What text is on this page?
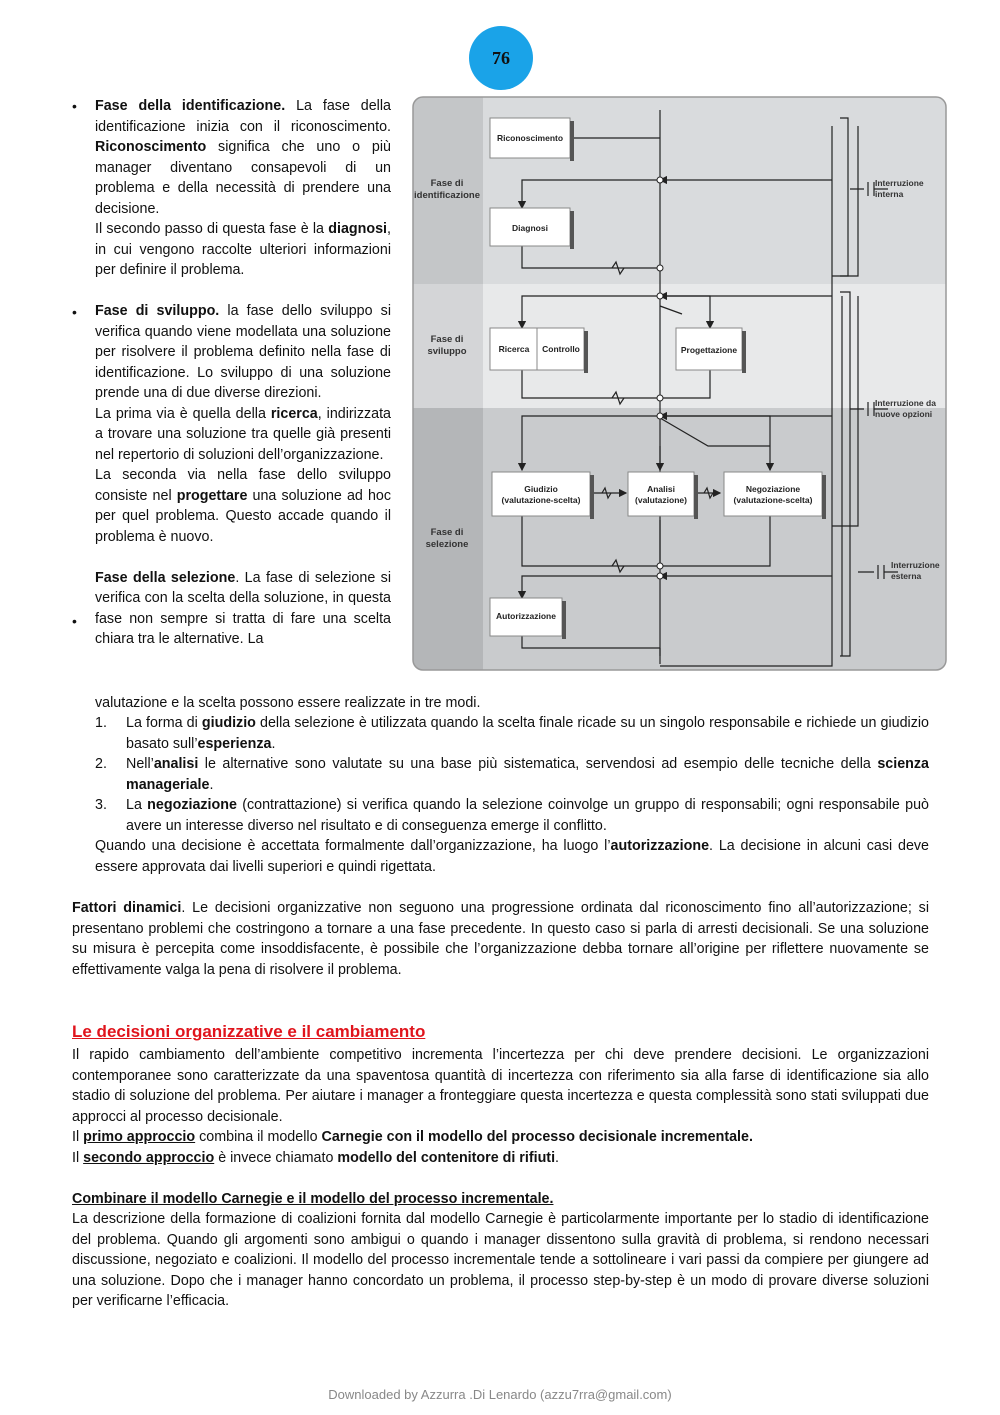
76
•
•
•

Fase della identificazione. La fase della identificazione inizia con il riconoscimento. Riconoscimento significa che uno o più manager diventano consapevoli di un problema e della necessità di prendere una decisione.

Il secondo passo di questa fase è la diagnosi, in cui vengono raccolte ulteriori informazioni per definire il problema.

Fase di sviluppo. la fase dello sviluppo si verifica quando viene modellata una soluzione per risolvere il problema definito nella fase di identificazione. Lo sviluppo di una soluzione prende una di due diverse direzioni.

La prima via è quella della ricerca, indirizzata a trovare una soluzione tra quelle già presenti nel repertorio di soluzioni dell’organizzazione.

La seconda via nella fase dello sviluppo consiste nel progettare una soluzione ad hoc per quel problema. Questo accade quando il problema è nuovo.

Fase della selezione. La fase di selezione si verifica con la scelta della soluzione, in questa fase non sempre si tratta di fare una scelta chiara tra le alternative. La

valutazione e la scelta possono essere realizzate in tre modi.
1. La forma di giudizio della selezione è utilizzata quando la scelta finale ricade su un singolo responsabile e richiede un giudizio basato sull’esperienza.
2. Nell’analisi le alternative sono valutate su una base più sistematica, servendosi ad esempio delle tecniche della scienza manageriale.
3. La negoziazione (contrattazione) si verifica quando la selezione coinvolge un gruppo di responsabili; ogni responsabile può avere un interesse diverso nel risultato e di conseguenza emerge il conflitto.
Quando una decisione è accettata formalmente dall’organizzazione, ha luogo l’autorizzazione. La decisione in alcuni casi deve essere approvata dai livelli superiori e quindi rigettata.
Fattori dinamici. Le decisioni organizzative non seguono una progressione ordinata dal riconoscimento fino all’autorizzazione; si presentano problemi che costringono a tornare a una fase precedente. In questo caso si parla di arresti decisionali. Se una soluzione su misura è percepita come insoddisfacente, è possibile che l’organizzazione debba tornare all’origine per riflettere nuovamente se effettivamente valga la pena di risolvere il problema.
Le decisioni organizzative e il cambiamento
Il rapido cambiamento dell’ambiente competitivo incrementa l’incertezza per chi deve prendere decisioni. Le organizzazioni contemporanee sono caratterizzate da una spaventosa quantità di incertezza con riferimento sia alla farse di identificazione sia allo stadio di soluzione del problema. Per aiutare i manager a fronteggiare questa incertezza e questa complessità sono stati sviluppati due approcci al processo decisionale.
Il primo approccio combina il modello Carnegie con il modello del processo decisionale incrementale.
Il secondo approccio è invece chiamato modello del contenitore di rifiuti.
Combinare il modello Carnegie e il modello del processo incrementale.
La descrizione della formazione di coalizioni fornita dal modello Carnegie è particolarmente importante per lo stadio di identificazione del problema. Quando gli argomenti sono ambigui o quando i manager dissentono sulla gravità di problema, si rendono necessari discussione, negoziato e coalizioni. Il modello del processo incrementale tende a sottolineare i vari passi da compiere per giungere ad una soluzione. Dopo che i manager hanno concordato un problema, il processo step-by-step è un modo di provare diverse soluzioni per verificarne l’efficacia.
Downloaded by Azzurra .Di Lenardo (azzu7rra@gmail.com)
Fase di identificazione
Fase di sviluppo
Fase di selezione
Riconoscimento
Diagnosi
Ricerca Controllo	Progettazione
Giudizio (valutazione-scelta)
Analisi (valutazione)
Negoziazione (valutazione-scelta)
Autorizzazione
Interruzione interna
Interruzione da nuove opzioni
Interruzione esterna
